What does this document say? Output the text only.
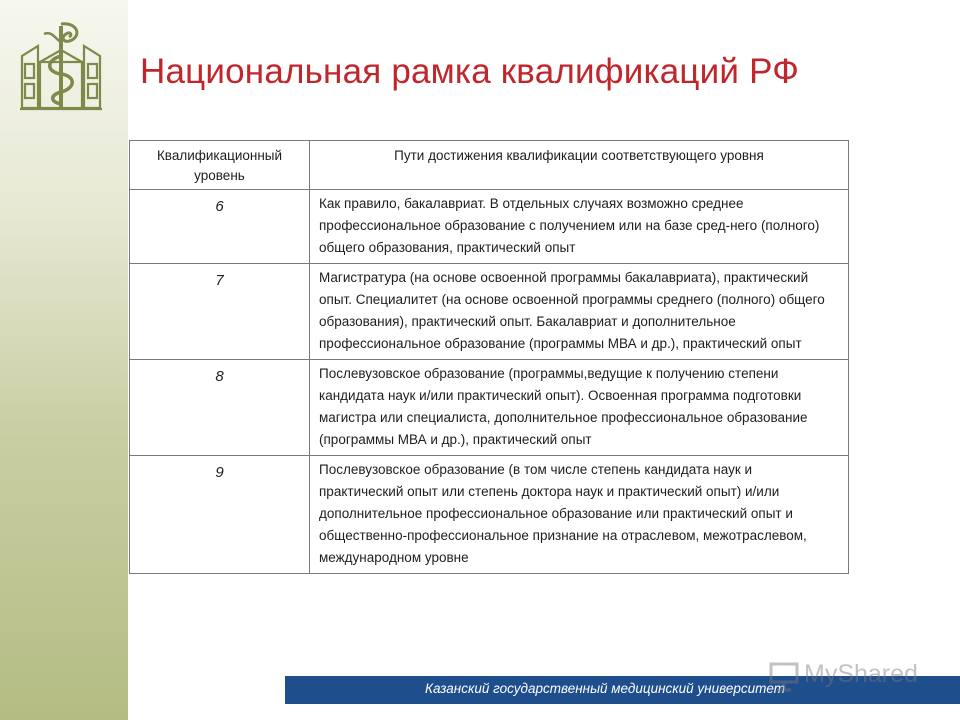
Национальная рамка квалификаций РФ
Квалификационный уровень	Пути достижения квалификации соответствующего уровня
6	Как правило, бакалавриат. В отдельных случаях возможно среднее профессиональное образование с получением или на базе сред-него (полного) общего образования, практический опыт
7	Магистратура (на основе освоенной программы бакалавриата), практический опыт. Специалитет (на основе освоенной программы среднего (полного) общего образования), практический опыт. Бакалавриат и дополнительное профессиональное образование (программы МВА и др.), практический опыт
8	Послевузовское образование (программы,ведущие к получению степени кандидата наук и/или практический опыт). Освоенная программа подготовки магистра или специалиста, дополнительное профессиональное образование (программы МВА и др.), практический опыт
9	Послевузовское образование (в том числе степень кандидата наук и практический опыт или степень доктора наук и практический опыт) и/или дополнительное профессиональное образование или практический опыт и общественно-профессиональное признание на отраслевом, межотраслевом, международном уровне
Казанский государственный медицинский университет
MyShared
